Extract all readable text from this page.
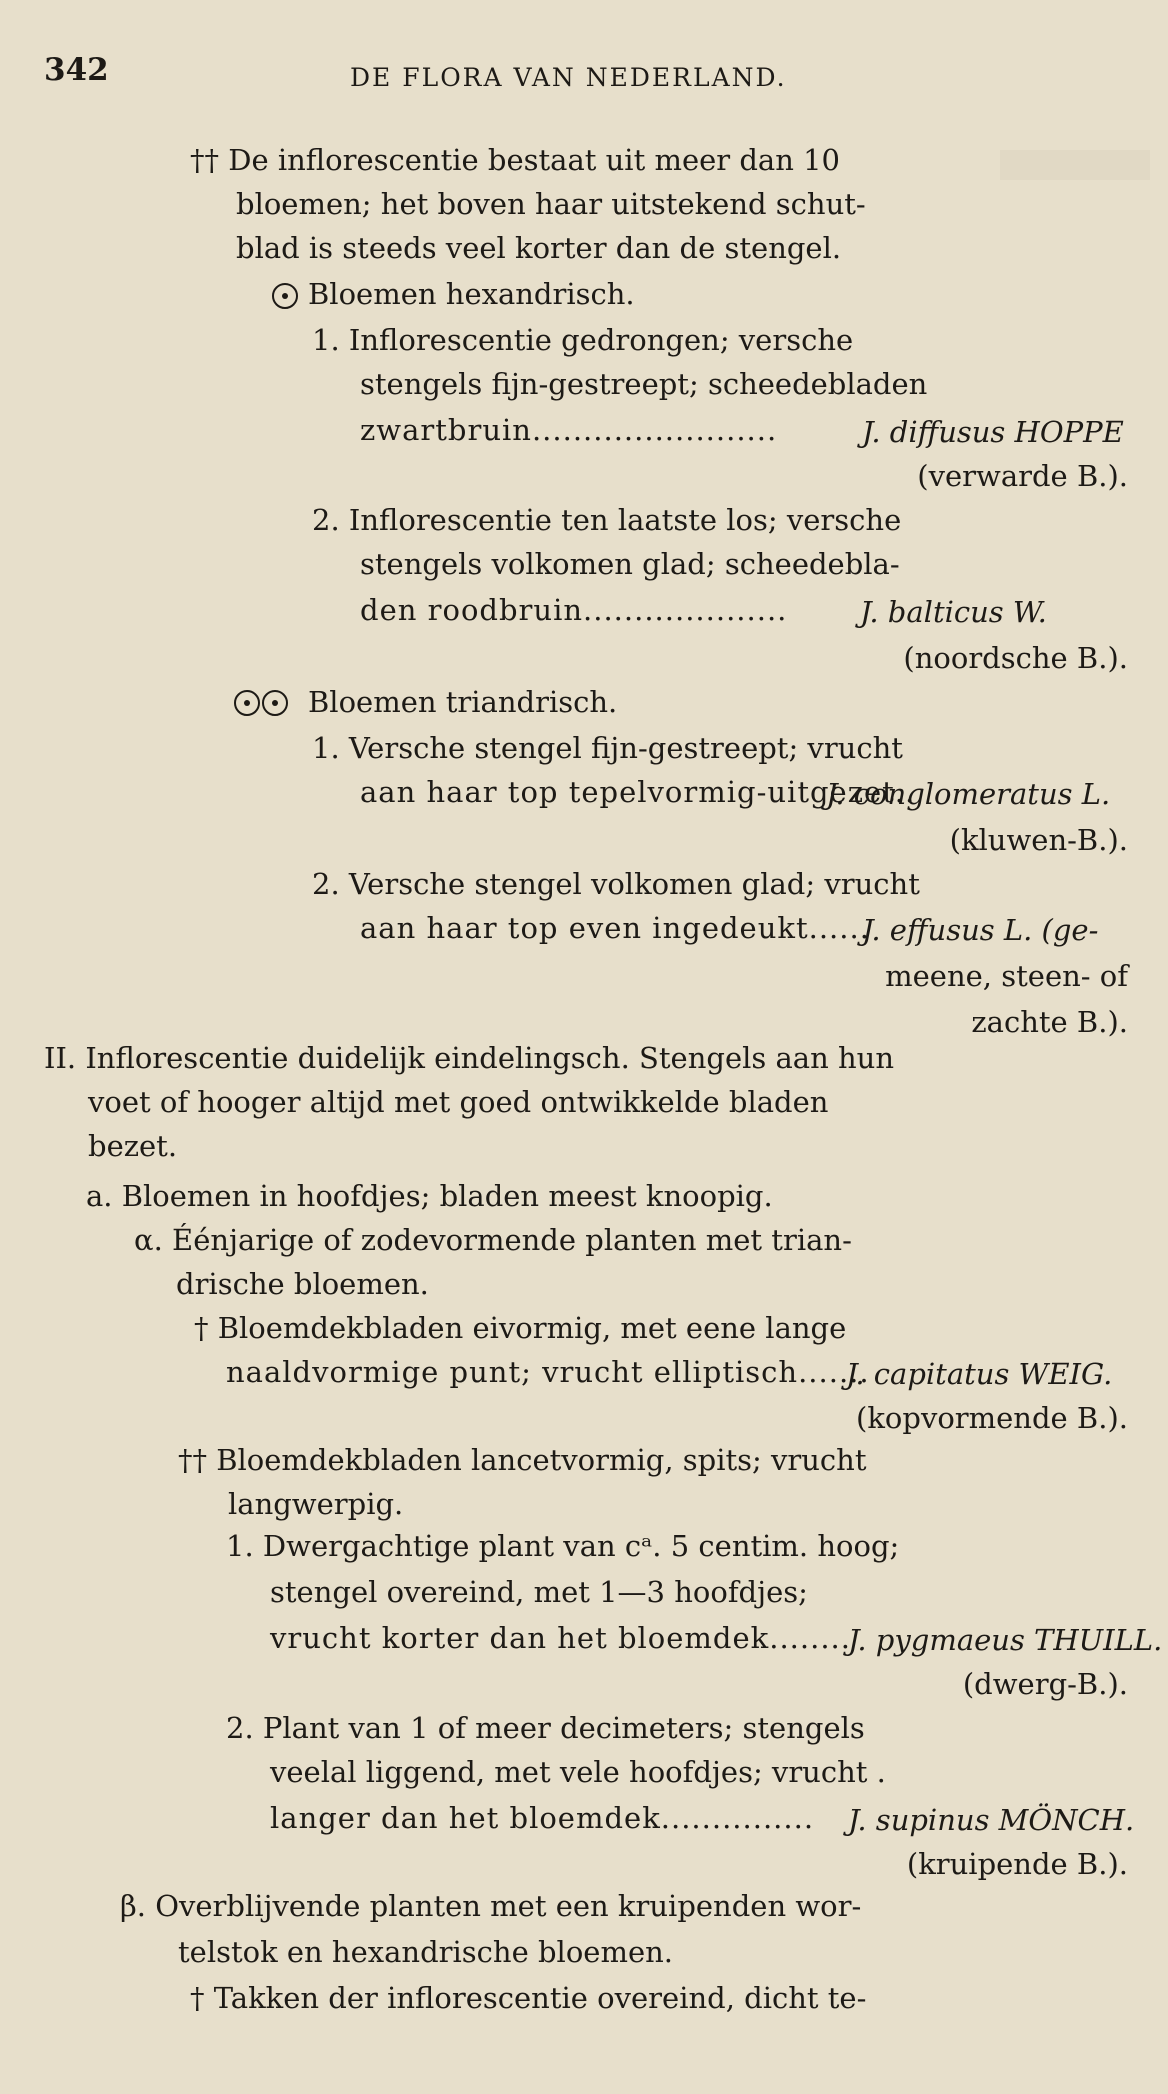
342	DE FLORA VAN NEDERLAND.
†† De inflorescentie bestaat uit meer dan 10
bloemen; het boven haar uitstekend schut-
blad is steeds veel korter dan de stengel.
Bloemen hexandrisch.
1. Inflorescentie gedrongen; versche
stengels fijn-gestreept; scheedebladen
zwartbruin........................	J. diffusus HOPPE
(verwarde B.).
2. Inflorescentie ten laatste los; versche
stengels volkomen glad; scheedebla-
den roodbruin....................	J. balticus W.
(noordsche B.).
Bloemen triandrisch.
1. Versche stengel fijn-gestreept; vrucht
aan haar top tepelvormig-uitgezet..
J. conglomeratus L.
(kluwen-B.).
2. Versche stengel volkomen glad; vrucht
aan haar top even ingedeukt......
J. effusus L. (ge-
meene, steen- of
zachte B.).
II. Inflorescentie duidelijk eindelingsch. Stengels aan hun
voet of hooger altijd met goed ontwikkelde bladen
bezet.
a. Bloemen in hoofdjes; bladen meest knoopig.
α. Éénjarige of zodevormende planten met trian-
drische bloemen.
† Bloemdekbladen eivormig, met eene lange
naaldvormige punt; vrucht elliptisch.......
J. capitatus WEIG.
(kopvormende B.).
†† Bloemdekbladen lancetvormig, spits; vrucht
langwerpig.
1. Dwergachtige plant van cᵃ. 5 centim. hoog;
stengel overeind, met 1—3 hoofdjes;
vrucht korter dan het bloemdek........
J. pygmaeus THUILL.
(dwerg-B.).
2. Plant van 1 of meer decimeters; stengels
veelal liggend, met vele hoofdjes; vrucht .
langer dan het bloemdek............... J. supinus MÖNCH.
(kruipende B.).
β. Overblijvende planten met een kruipenden wor-
telstok en hexandrische bloemen.
† Takken der inflorescentie overeind, dicht te-
